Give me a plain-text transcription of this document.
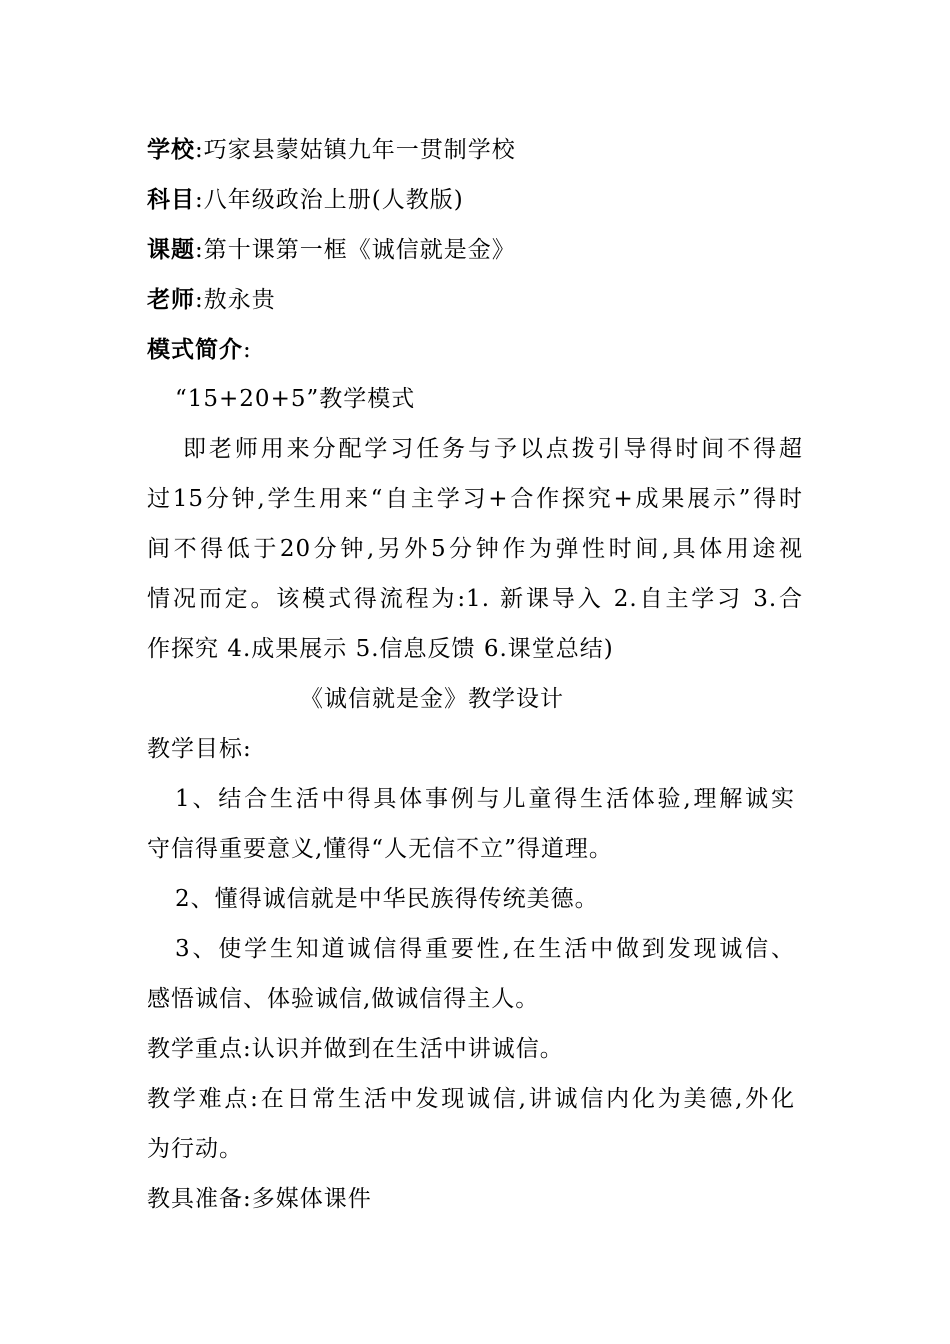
学校:巧家县蒙姑镇九年一贯制学校
科目:八年级政治上册(人教版)
课题:第十课第一框《诚信就是金》
老师:敖永贵
模式简介:
“15+20+5”教学模式
即老师用来分配学习任务与予以点拨引导得时间不得超
过15分钟,学生用来“自主学习+合作探究+成果展示”得时
间不得低于20分钟,另外5分钟作为弹性时间,具体用途视
情况而定。该模式得流程为:1. 新课导入 2.自主学习 3.合
作探究 4.成果展示 5.信息反馈 6.课堂总结)
《诚信就是金》教学设计
教学目标:
1、结合生活中得具体事例与儿童得生活体验,理解诚实
守信得重要意义,懂得“人无信不立”得道理。
2、懂得诚信就是中华民族得传统美德。
3、使学生知道诚信得重要性,在生活中做到发现诚信、
感悟诚信、体验诚信,做诚信得主人。
教学重点:认识并做到在生活中讲诚信。
教学难点:在日常生活中发现诚信,讲诚信内化为美德,外化
为行动。
教具准备:多媒体课件
